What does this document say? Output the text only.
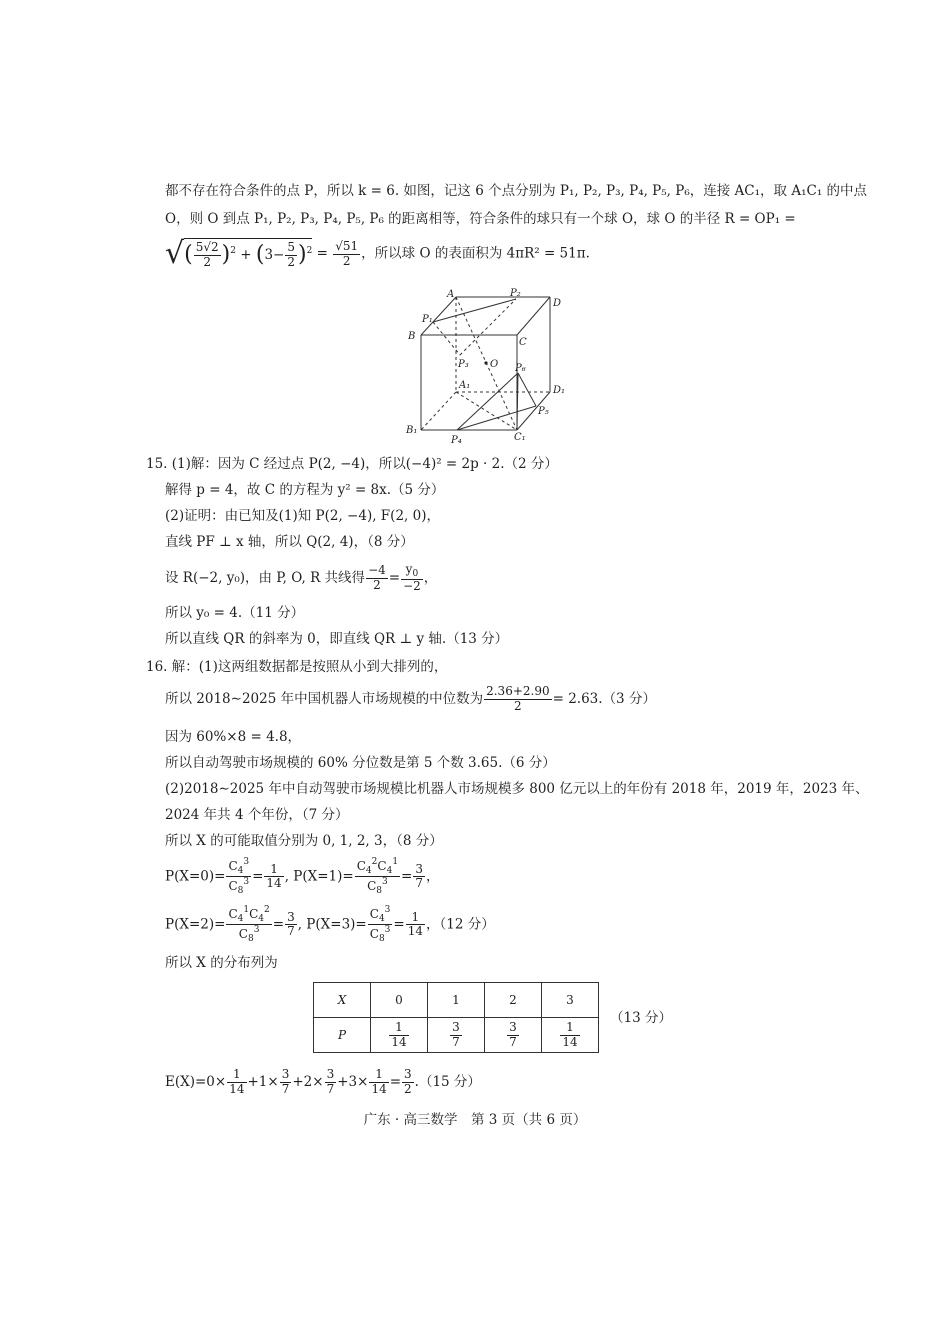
都不存在符合条件的点 P，所以 k = 6. 如图，记这 6 个点分别为 P₁, P₂, P₃, P₄, P₅, P₆，连接 AC₁，取 A₁C₁ 的中点
O，则 O 到点 P₁, P₂, P₃, P₄, P₅, P₆ 的距离相等，符合条件的球只有一个球 O，球 O 的半径 R = OP₁ =
√( $\frac{5√2}{2} )^2 + (3- \frac{5}{2} )^2 = \frac{√51}{2}$ ，所以球 O 的表面积为 4πR² = 51π.
A	P₂
D
P₁
B
C
P₃ O P₆
A₁	D₁
P₅
B₁
P₄	C₁
15. (1)解：因为 C 经过点 P(2, −4)，所以(−4)² = 2p · 2.（2 分）
解得 p = 4，故 C 的方程为 y² = 8x.（5 分）
(2)证明：由已知及(1)知 P(2, −4), F(2, 0)，
直线 PF ⊥ x 轴，所以 Q(2, 4)，（8 分）
设 R(−2, y₀)，由 P, O, R 共线得 $\frac{-4}{2} = \frac{y_0}{-2}$ ，
所以 y₀ = 4.（11 分）
所以直线 QR 的斜率为 0，即直线 QR ⊥ y 轴.（13 分）
16. 解：(1)这两组数据都是按照从小到大排列的，
所以 2018∼2025 年中国机器人市场规模的中位数为 $\frac{2.36+2.90}{2} = 2.63.(3$ 分）
因为 60%×8 = 4.8，
所以自动驾驶市场规模的 60% 分位数是第 5 个数 3.65.（6 分）
(2)2018∼2025 年中自动驾驶市场规模比机器人市场规模多 800 亿元以上的年份有 2018 年，2019 年，2023 年、
2024 年共 4 个年份，（7 分）
所以 X 的可能取值分别为 0, 1, 2, 3，（8 分）
$P(X=0)= \frac{C_4^3}{C_8^3} = \frac{1}{14}$ , $P(X=1)= \frac{C_4^2C_4^1}{C_8^3} = \frac{3}{7}$ ，
$P(X=2)= \frac{C_4^1C_4^2}{C_8^3} = \frac{3}{7}$ , $P(X=3)= \frac{C_4^3}{C_8^3} = \frac{1}{14}$ ，（12 分）
所以 X 的分布列为
X	0	1	2	3
P	$\frac{1}{14}$	$\frac{3}{7}$	$\frac{3}{7}$	$\frac{1}{14}$
（13 分）
$E(X)=0\times \frac{1}{14} +1\times \frac{3}{7} +2\times \frac{3}{7} +3\times \frac{1}{14} = \frac{3}{2} .(15$ 分）
广东 · 高三数学　第 3 页（共 6 页）
